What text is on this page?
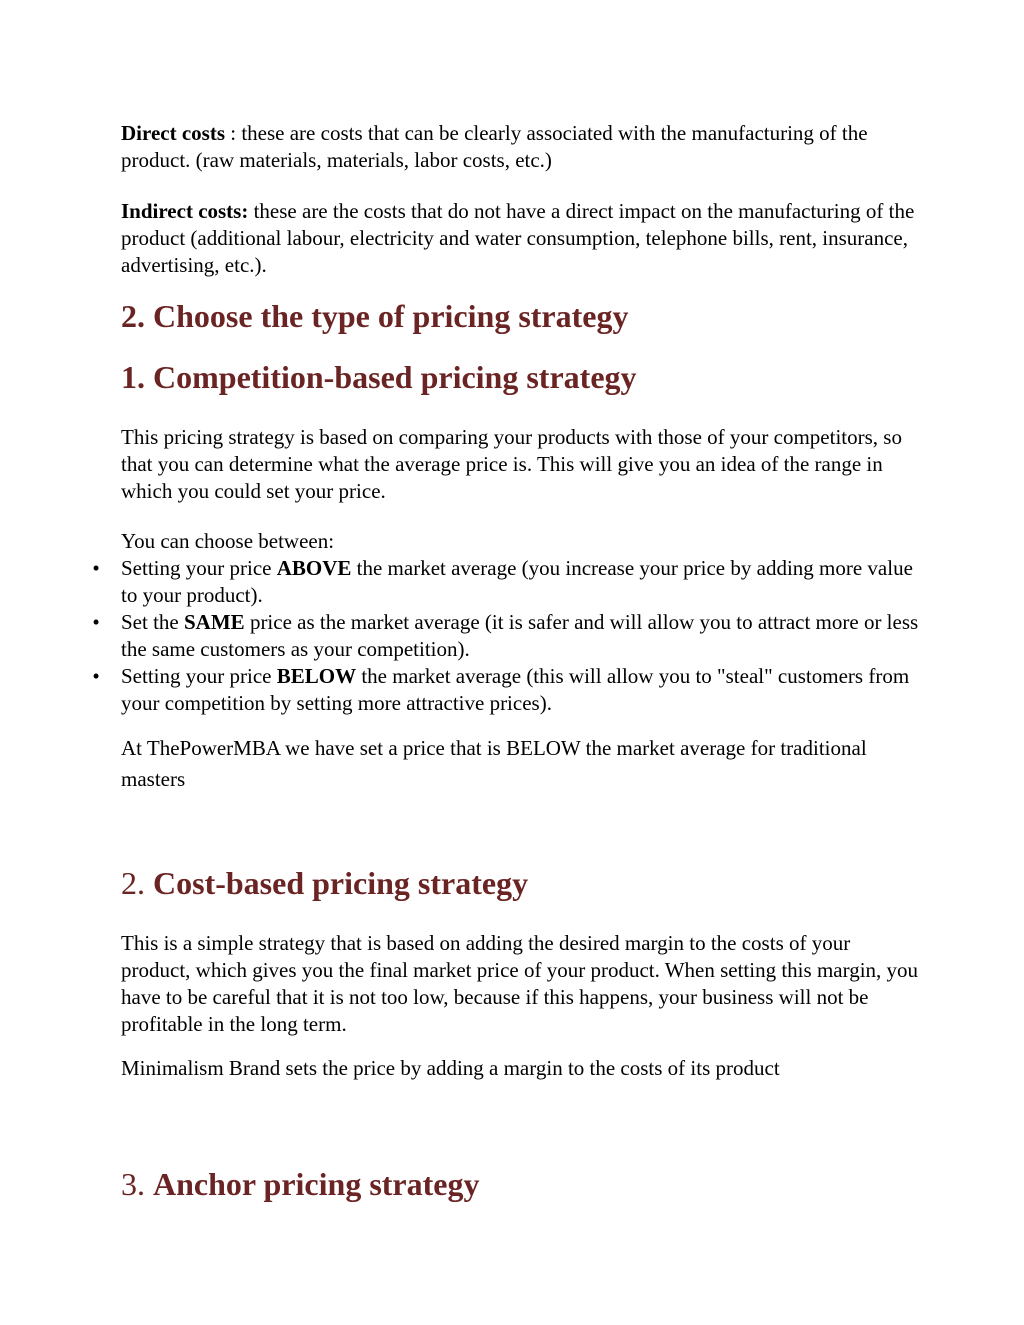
Direct costs : these are costs that can be clearly associated with the manufacturing of the product. (raw materials, materials, labor costs, etc.)

Indirect costs: these are the costs that do not have a direct impact on the manufacturing of the product (additional labour, electricity and water consumption, telephone bills, rent, insurance, advertising, etc.).

2. Choose the type of pricing strategy
1. Competition-based pricing strategy

This pricing strategy is based on comparing your products with those of your competitors, so that you can determine what the average price is. This will give you an idea of the range in which you could set your price.

You can choose between:

• Setting your price ABOVE the market average (you increase your price by adding more value to your product).
• Set the SAME price as the market average (it is safer and will allow you to attract more or less the same customers as your competition).
• Setting your price BELOW the market average (this will allow you to "steal" customers from your competition by setting more attractive prices).

At ThePowerMBA we have set a price that is BELOW the market average for traditional masters

2. Cost-based pricing strategy

This is a simple strategy that is based on adding the desired margin to the costs of your product, which gives you the final market price of your product. When setting this margin, you have to be careful that it is not too low, because if this happens, your business will not be profitable in the long term.

Minimalism Brand sets the price by adding a margin to the costs of its product

3. Anchor pricing strategy
